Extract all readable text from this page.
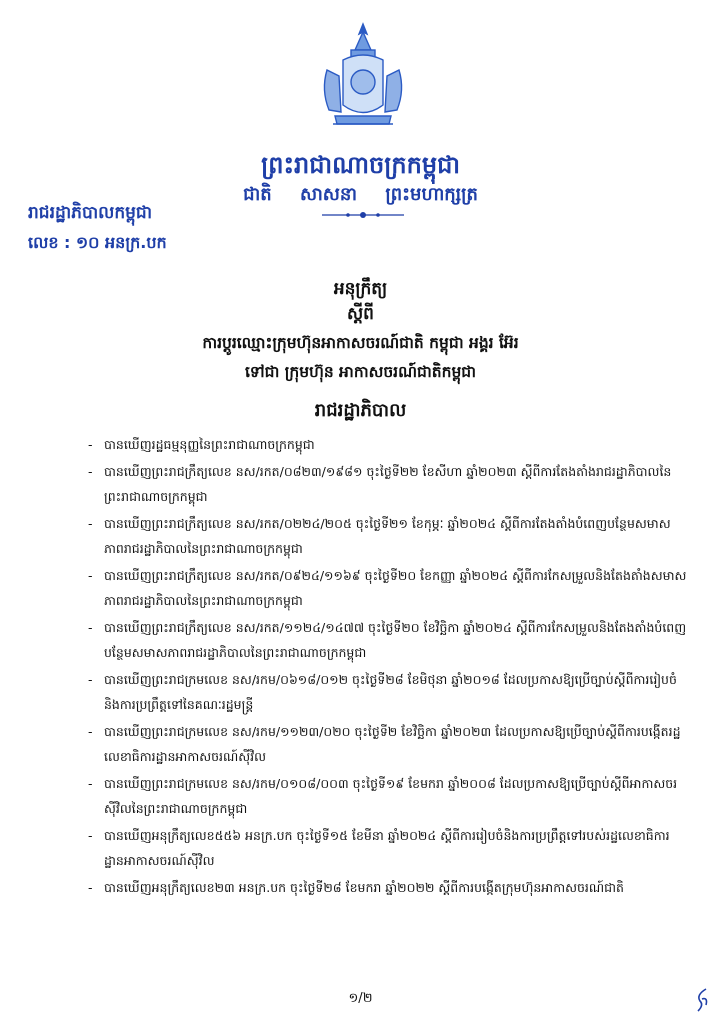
ព្រះរាជាណាចក្រកម្ពុជា
ជាតិ សាសនា ព្រះមហាក្សត្រ
រាជរដ្ឋាភិបាលកម្ពុជា
លេខ : ១០ អនក្រ.បក
អនុក្រឹត្យ
ស្តីពី
ការប្តូរឈ្មោះក្រុមហ៊ុនអាកាសចរណ៍ជាតិ កម្ពុជា អង្គរ អ៊ែរ
ទៅជា ក្រុមហ៊ុន អាកាសចរណ៍ជាតិកម្ពុជា
រាជរដ្ឋាភិបាល
- បានឃើញរដ្ឋធម្មនុញ្ញនៃព្រះរាជាណាចក្រកម្ពុជា
- បានឃើញព្រះរាជក្រឹត្យលេខ នស/រកត/០៨២៣/១៩៨១ ចុះថ្ងៃទី២២ ខែសីហា ឆ្នាំ២០២៣ ស្តីពីការតែងតាំងរាជរដ្ឋាភិបាលនៃព្រះរាជាណាចក្រកម្ពុជា
- បានឃើញព្រះរាជក្រឹត្យលេខ នស/រកត/០២២៤/២០៥ ចុះថ្ងៃទី២១ ខែកុម្ភៈ ឆ្នាំ២០២៤ ស្តីពីការតែងតាំងបំពេញបន្ថែមសមាសភាពរាជរដ្ឋាភិបាលនៃព្រះរាជាណាចក្រកម្ពុជា
- បានឃើញព្រះរាជក្រឹត្យលេខ នស/រកត/០៩២៤/១១៦៩ ចុះថ្ងៃទី២០ ខែកញ្ញា ឆ្នាំ២០២៤ ស្តីពីការកែសម្រួលនិងតែងតាំងសមាសភាពរាជរដ្ឋាភិបាលនៃព្រះរាជាណាចក្រកម្ពុជា
- បានឃើញព្រះរាជក្រឹត្យលេខ នស/រកត/១១២៤/១៤៧៧ ចុះថ្ងៃទី២០ ខែវិច្ឆិកា ឆ្នាំ២០២៤ ស្តីពីការកែសម្រួលនិងតែងតាំងបំពេញបន្ថែមសមាសភាពរាជរដ្ឋាភិបាលនៃព្រះរាជាណាចក្រកម្ពុជា
- បានឃើញព្រះរាជក្រមលេខ នស/រកម/០៦១៨/០១២ ចុះថ្ងៃទី២៨ ខែមិថុនា ឆ្នាំ២០១៨ ដែលប្រកាសឱ្យប្រើច្បាប់ស្តីពីការរៀបចំនិងការប្រព្រឹត្តទៅនៃគណៈរដ្ឋមន្ត្រី
- បានឃើញព្រះរាជក្រមលេខ នស/រកម/១១២៣/០២០ ចុះថ្ងៃទី២ ខែវិច្ឆិកា ឆ្នាំ២០២៣ ដែលប្រកាសឱ្យប្រើច្បាប់ស្តីពីការបង្កើតរដ្ឋលេខាធិការដ្ឋានអាកាសចរណ៍ស៊ីវិល
- បានឃើញព្រះរាជក្រមលេខ នស/រកម/០១០៨/០០៣ ចុះថ្ងៃទី១៩ ខែមករា ឆ្នាំ២០០៨ ដែលប្រកាសឱ្យប្រើច្បាប់ស្តីពីអាកាសចរស៊ីវិលនៃព្រះរាជាណាចក្រកម្ពុជា
- បានឃើញអនុក្រឹត្យលេខ៥៥៦ អនក្រ.បក ចុះថ្ងៃទី១៥ ខែមីនា ឆ្នាំ២០២៤ ស្តីពីការរៀបចំនិងការប្រព្រឹត្តទៅរបស់រដ្ឋលេខាធិការដ្ឋានអាកាសចរណ៍ស៊ីវិល
- បានឃើញអនុក្រឹត្យលេខ២៣ អនក្រ.បក ចុះថ្ងៃទី២៨ ខែមករា ឆ្នាំ២០២២ ស្តីពីការបង្កើតក្រុមហ៊ុនអាកាសចរណ៍ជាតិ
១/២
